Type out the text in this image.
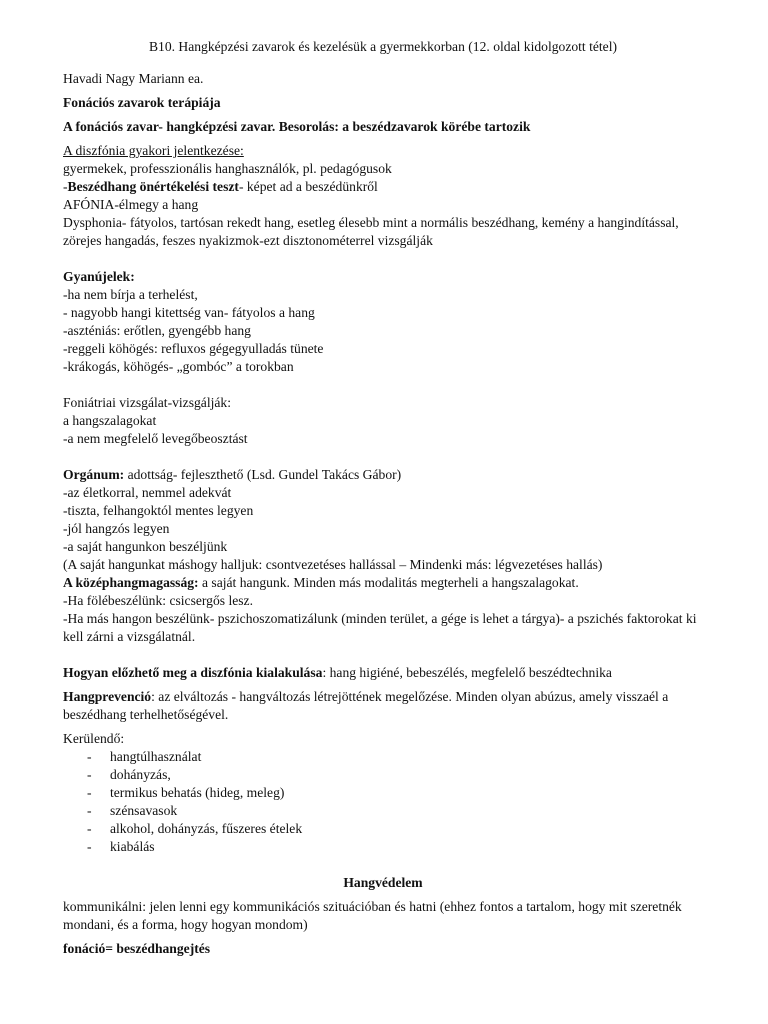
B10. Hangképzési zavarok és kezelésük a gyermekkorban (12. oldal kidolgozott tétel)

Havadi Nagy Mariann ea.

Fonációs zavarok terápiája

A fonációs zavar- hangképzési zavar. Besorolás: a beszédzavarok körébe tartozik

A diszfónia gyakori jelentkezése:

gyermekek, professzionális hanghasználók, pl. pedagógusok

-Beszédhang önértékelési teszt- képet ad a beszédünkről

AFÓNIA-élmegy a hang

Dysphonia- fátyolos, tartósan rekedt hang, esetleg élesebb mint a normális beszédhang, kemény a hangindítással, zörejes hangadás, feszes nyakizmok-ezt disztonométerrel vizsgálják

Gyanújelek:

-ha nem bírja a terhelést,

- nagyobb hangi kitettség van- fátyolos a hang

-aszténiás: erőtlen, gyengébb hang

-reggeli köhögés: refluxos gégegyulladás tünete

-krákogás, köhögés- „gombóc” a torokban

Foniátriai vizsgálat-vizsgálják:

a hangszalagokat

-a nem megfelelő levegőbeosztást

Orgánum: adottság- fejleszthető (Lsd. Gundel Takács Gábor)

-az életkorral, nemmel adekvát

-tiszta, felhangoktól mentes legyen

-jól hangzós legyen

-a saját hangunkon beszéljünk

(A saját hangunkat máshogy halljuk: csontvezetéses hallással – Mindenki más: légvezetéses hallás)

A középhangmagasság: a saját hangunk. Minden más modalitás megterheli a hangszalagokat.

-Ha fölébeszélünk: csicsergős lesz.

-Ha más hangon beszélünk- pszichoszomatizálunk (minden terület, a gége is lehet a tárgya)- a pszichés faktorokat ki kell zárni a vizsgálatnál.

Hogyan előzhető meg a diszfónia kialakulása: hang higiéné, bebeszélés, megfelelő beszédtechnika

Hangprevenció: az elváltozás - hangváltozás létrejöttének megelőzése. Minden olyan abúzus, amely visszaél a beszédhang terhelhetőségével.

Kerülendő:

- hangtúlhasználat
- dohányzás,
- termikus behatás (hideg, meleg)
- szénsavasok
- alkohol, dohányzás, fűszeres ételek
- kiabálás

Hangvédelem

kommunikálni: jelen lenni egy kommunikációs szituációban és hatni (ehhez fontos a tartalom, hogy mit szeretnék mondani, és a forma, hogy hogyan mondom)

fonáció= beszédhangejtés
